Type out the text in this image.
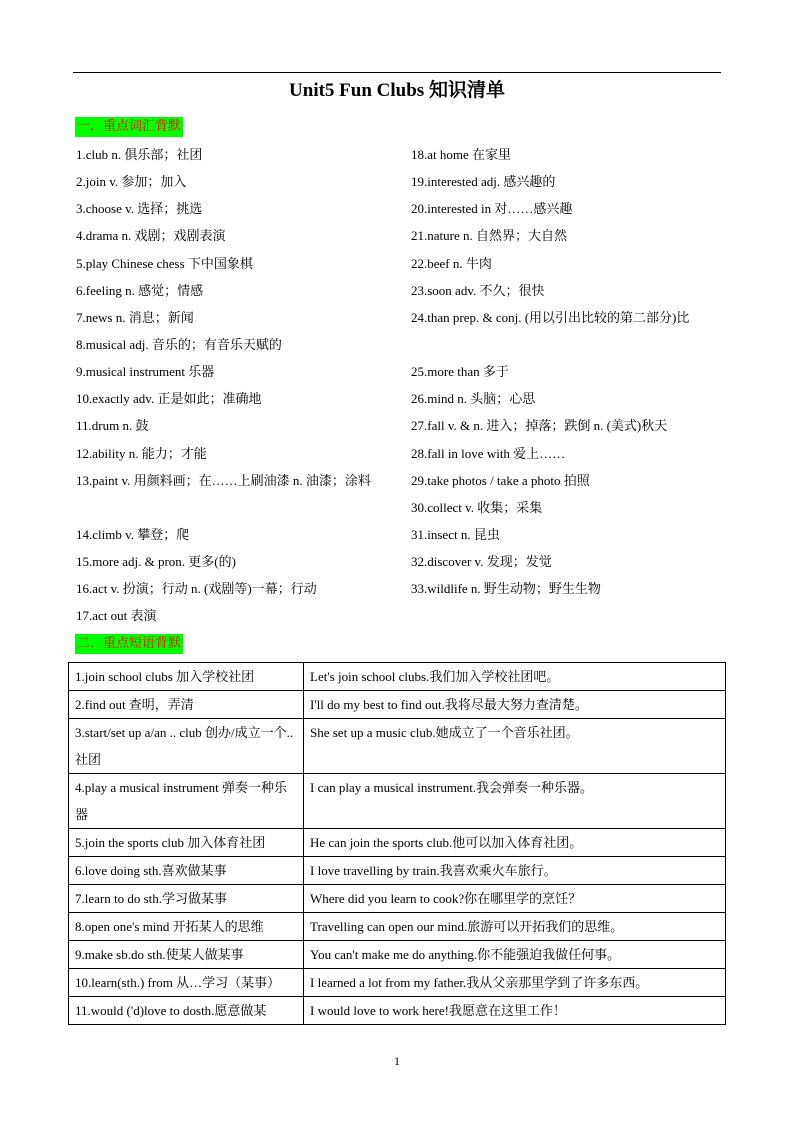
Unit5 Fun Clubs 知识清单
一．重点词汇背默
1.club n. 俱乐部；社团
2.join v. 参加；加入
3.choose v. 选择；挑选
4.drama n. 戏剧；戏剧表演
5.play Chinese chess 下中国象棋
6.feeling n. 感觉；情感
7.news n. 消息；新闻
8.musical adj. 音乐的；有音乐天赋的
9.musical instrument 乐器
10.exactly adv. 正是如此；准确地
11.drum n. 鼓
12.ability n. 能力；才能
13.paint v. 用颜料画；在……上刷油漆 n. 油漆；涂料
14.climb v. 攀登；爬
15.more adj. & pron. 更多(的)
16.act v. 扮演；行动 n. (戏剧等)一幕；行动
17.act out 表演
18.at home 在家里
19.interested adj. 感兴趣的
20.interested in 对……感兴趣
21.nature n. 自然界；大自然
22.beef n. 牛肉
23.soon adv. 不久；很快
24.than prep. & conj. (用以引出比较的第二部分)比
25.more than 多于
26.mind n. 头脑；心思
27.fall v. & n. 进入；掉落；跌倒 n. (美式)秋天
28.fall in love with 爱上……
29.take photos / take a photo 拍照
30.collect v. 收集；采集
31.insect n. 昆虫
32.discover v. 发现；发觉
33.wildlife n. 野生动物；野生生物
二．重点短语背默
1.join school clubs 加入学校社团	Let's join school clubs.我们加入学校社团吧。
2.find out 查明，弄清	I'll do my best to find out.我将尽最大努力查清楚。
3.start/set up a/an .. club 创办/成立一个..社团	She set up a music club.她成立了一个音乐社团。
4.play a musical instrument 弹奏一种乐器	I can play a musical instrument.我会弹奏一种乐器。
5.join the sports club 加入体育社团	He can join the sports club.他可以加入体育社团。
6.love doing sth.喜欢做某事	I love travelling by train.我喜欢乘火车旅行。
7.learn to do sth.学习做某事	Where did you learn to cook?你在哪里学的烹饪？
8.open one's mind 开拓某人的思维	Travelling can open our mind.旅游可以开拓我们的思维。
9.make sb.do sth.使某人做某事	You can't make me do anything.你不能强迫我做任何事。
10.learn(sth.) from 从…学习（某事）	I learned a lot from my father.我从父亲那里学到了许多东西。
11.would ('d)love to dosth.愿意做某	I would love to work here!我愿意在这里工作！
1
